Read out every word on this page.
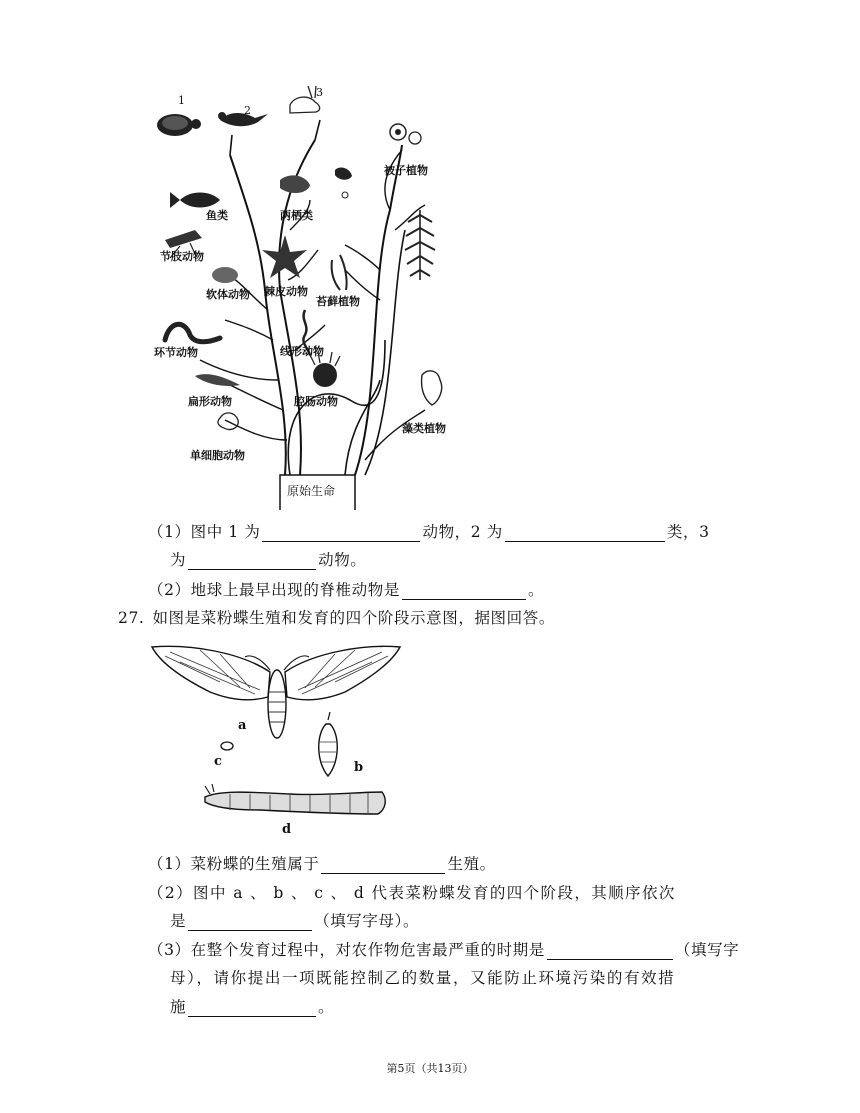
1
2
3
被子植物
鱼类	两栖类
节肢动物
棘皮动物
软体动物
苔藓植物
环节动物	线形动物
扁形动物	腔肠动物
藻类植物
单细胞动物
原始生命
（1）图中 1 为	动物，2 为	类，3
为	动物。
（2）地球上最早出现的脊椎动物是	。
27. 如图是菜粉蝶生殖和发育的四个阶段示意图，据图回答。
a
b
c
d
（1）菜粉蝶的生殖属于	生殖。
（2）图中 a 、 b 、 c 、 d 代表菜粉蝶发育的四个阶段，其顺序依次
是	（填写字母）。
（3）在整个发育过程中，对农作物危害最严重的时期是	（填写字
母），请你提出一项既能控制乙的数量，又能防止环境污染的有效措
施	。
第5页（共13页）
